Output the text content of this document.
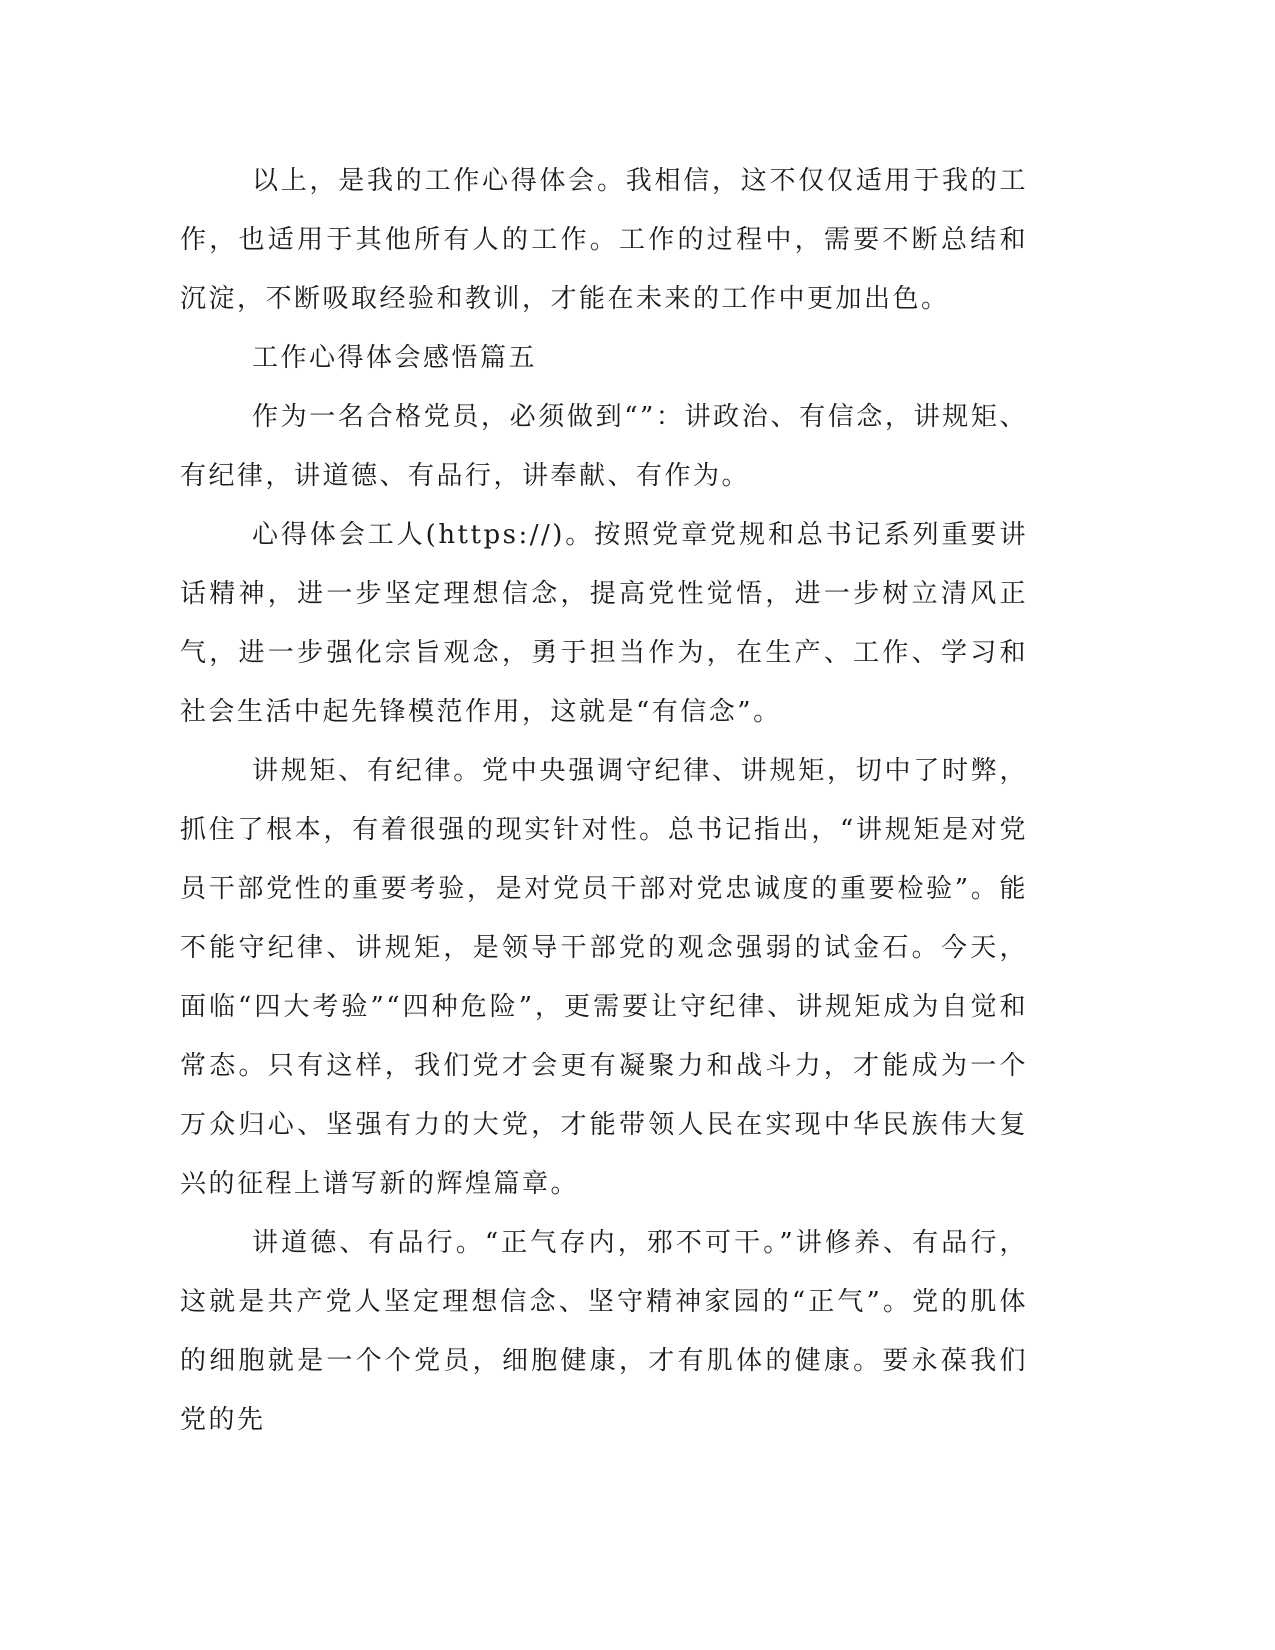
以上，是我的工作心得体会。我相信，这不仅仅适用于我的工作，也适用于其他所有人的工作。工作的过程中，需要不断总结和沉淀，不断吸取经验和教训，才能在未来的工作中更加出色。

工作心得体会感悟篇五

作为一名合格党员，必须做到“”：讲政治、有信念，讲规矩、有纪律，讲道德、有品行，讲奉献、有作为。

心得体会工人(https://)。按照党章党规和总书记系列重要讲话精神，进一步坚定理想信念，提高党性觉悟，进一步树立清风正气，进一步强化宗旨观念，勇于担当作为，在生产、工作、学习和社会生活中起先锋模范作用，这就是“有信念”。

讲规矩、有纪律。党中央强调守纪律、讲规矩，切中了时弊，抓住了根本，有着很强的现实针对性。总书记指出，“讲规矩是对党员干部党性的重要考验，是对党员干部对党忠诚度的重要检验”。能不能守纪律、讲规矩，是领导干部党的观念强弱的试金石。今天，面临“四大考验”“四种危险”，更需要让守纪律、讲规矩成为自觉和常态。只有这样，我们党才会更有凝聚力和战斗力，才能成为一个万众归心、坚强有力的大党，才能带领人民在实现中华民族伟大复兴的征程上谱写新的辉煌篇章。

讲道德、有品行。“正气存内，邪不可干。”讲修养、有品行，这就是共产党人坚定理想信念、坚守精神家园的“正气”。党的肌体的细胞就是一个个党员，细胞健康，才有肌体的健康。要永葆我们党的先
